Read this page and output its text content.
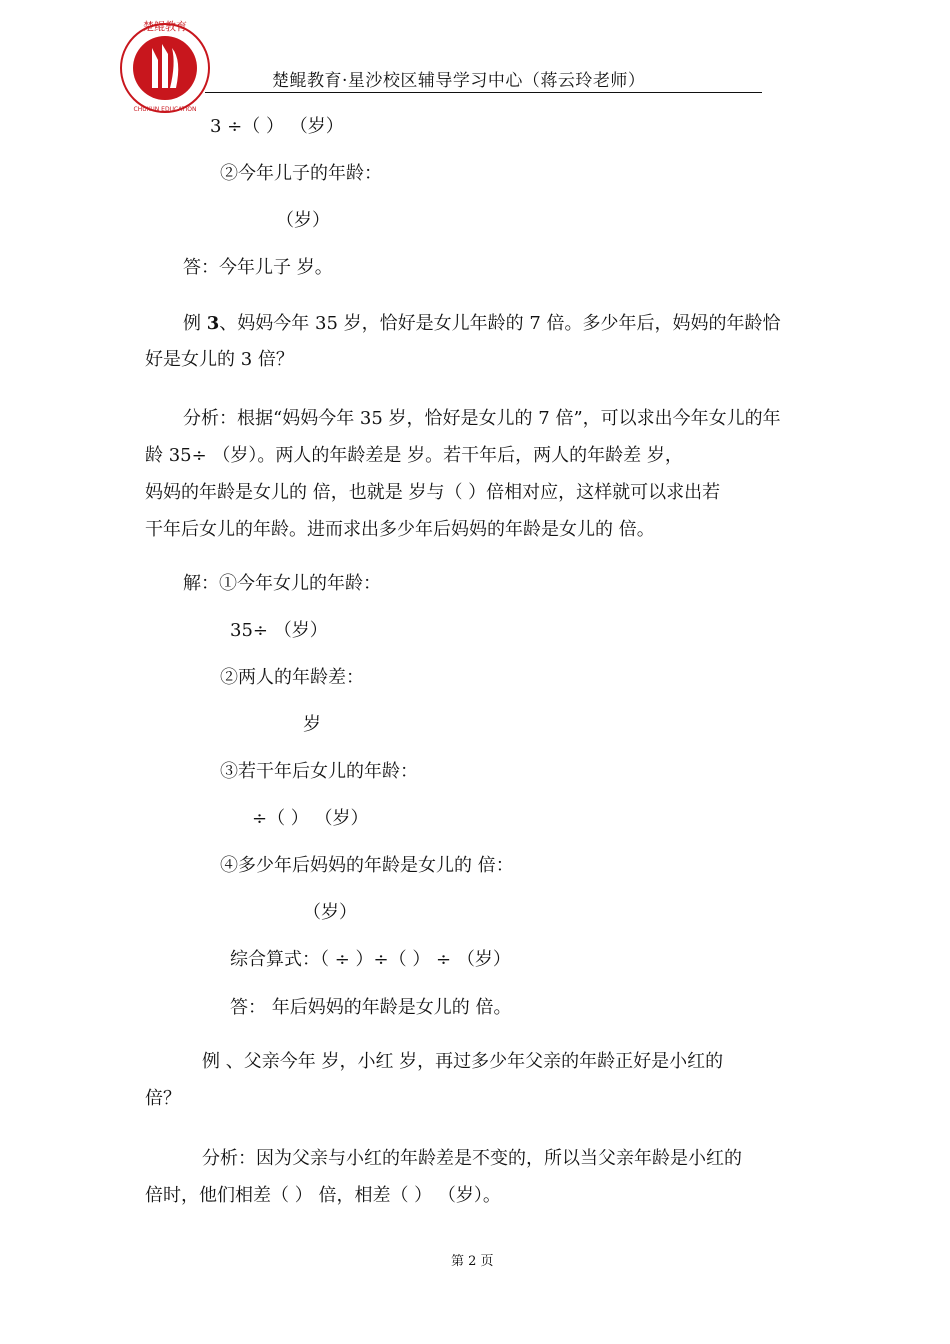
楚鲲教育
CHUKUN EDUCATION
楚鲲教育·星沙校区辅导学习中心（蒋云玲老师）
3 ÷（ ） （岁）
②今年儿子的年龄：
（岁）
答：今年儿子 岁。
例 3、妈妈今年 35 岁，恰好是女儿年龄的 7 倍。多少年后，妈妈的年龄恰
好是女儿的 3 倍？
分析：根据“妈妈今年 35 岁，恰好是女儿的 7 倍”，可以求出今年女儿的年
龄 35÷ （岁）。两人的年龄差是 岁。若干年后，两人的年龄差 岁，
妈妈的年龄是女儿的 倍，也就是 岁与（ ）倍相对应，这样就可以求出若
干年后女儿的年龄。进而求出多少年后妈妈的年龄是女儿的 倍。
解：①今年女儿的年龄：
35÷ （岁）
②两人的年龄差：
岁
③若干年后女儿的年龄：
÷（ ） （岁）
④多少年后妈妈的年龄是女儿的 倍：
（岁）
综合算式：（ ÷ ）÷（ ） ÷ （岁）
答： 年后妈妈的年龄是女儿的 倍。
例 、父亲今年 岁，小红 岁，再过多少年父亲的年龄正好是小红的
倍？
分析：因为父亲与小红的年龄差是不变的，所以当父亲年龄是小红的
倍时，他们相差（ ） 倍，相差（ ） （岁）。
第 2 页
